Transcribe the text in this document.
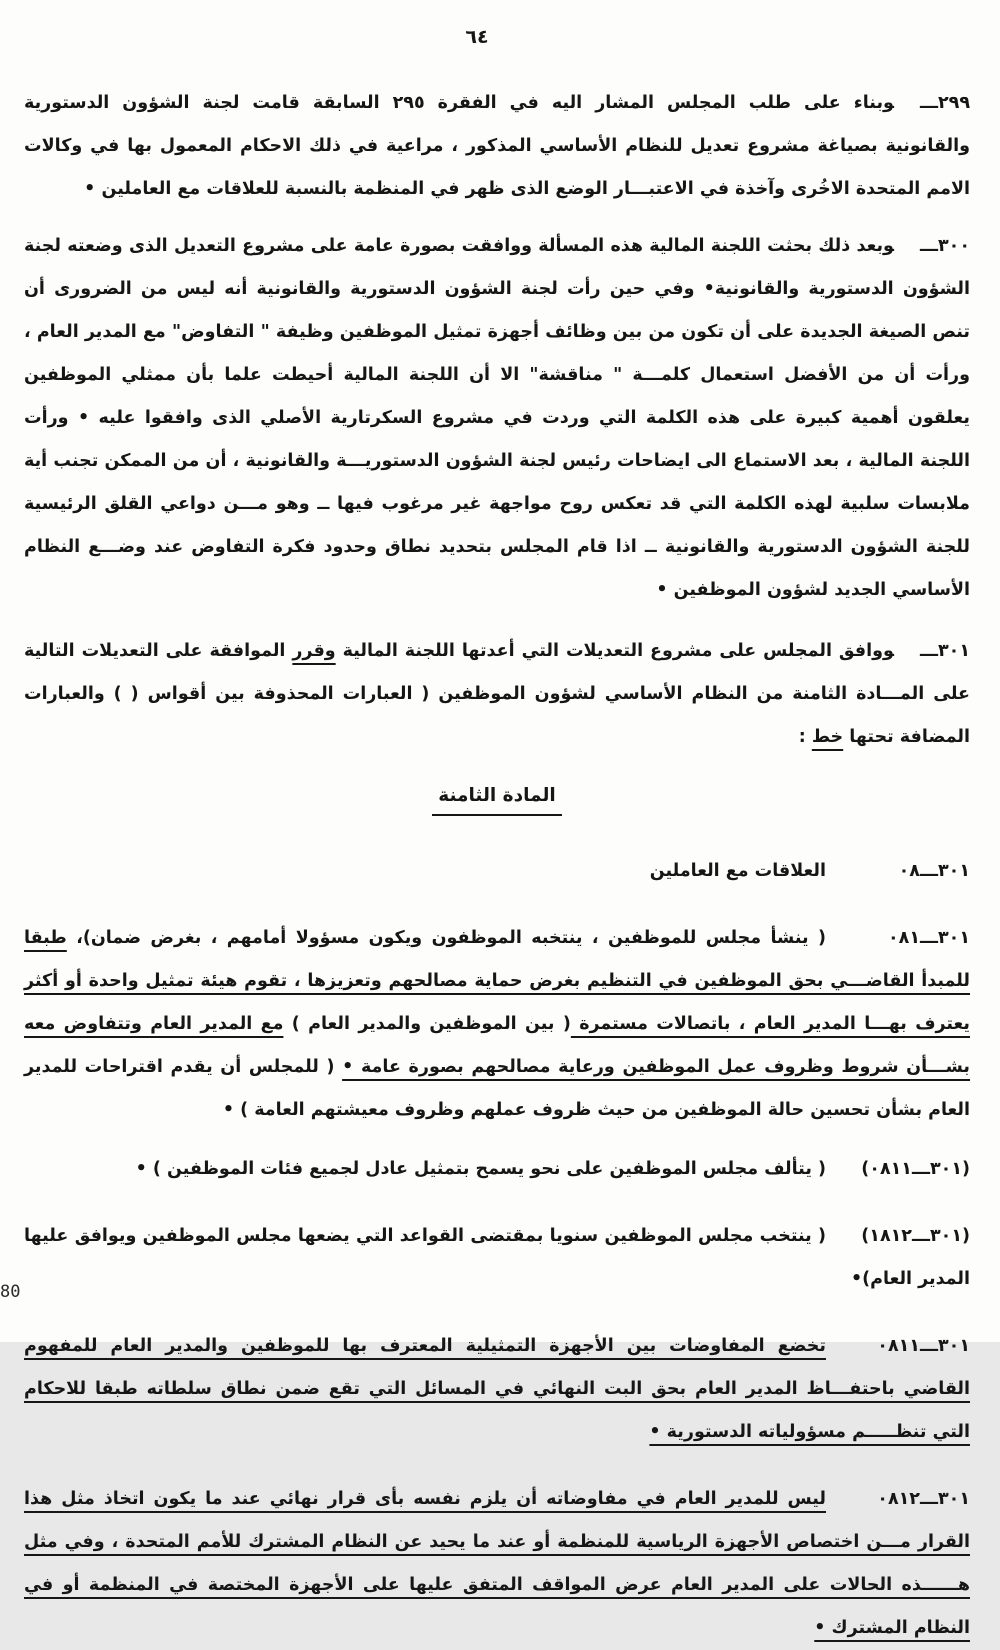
٦٤

٢٩٩ـــوبناء على طلب المجلس المشار اليه في الفقرة ٢٩٥ السابقة قامت لجنة الشؤون الدستورية والقانونية بصياغة مشروع تعديل للنظام الأساسي المذكور ، مراعية في ذلك الاحكام المعمول بها في وكالات الامم المتحدة الاخُرى وآخذة في الاعتبـــار الوضع الذى ظهر في المنظمة بالنسبة للعلاقات مع العاملين •

٣٠٠ـــوبعد ذلك بحثت اللجنة المالية هذه المسألة ووافقت بصورة عامة على مشروع التعديل الذى وضعته لجنة الشؤون الدستورية والقانونية• وفي حين رأت لجنة الشؤون الدستورية والقانونية أنه ليس من الضرورى أن تنص الصيغة الجديدة على أن تكون من بين وظائف أجهزة تمثيل الموظفين وظيفة " التفاوض" مع المدير العام ، ورأت أن من الأفضل استعمال كلمـــة " مناقشة" الا أن اللجنة المالية أحيطت علما بأن ممثلي الموظفين يعلقون أهمية كبيرة على هذه الكلمة التي وردت في مشروع السكرتارية الأصلي الذى وافقوا عليه • ورأت اللجنة المالية ، بعد الاستماع الى ايضاحات رئيس لجنة الشؤون الدستوريـــة والقانونية ، أن من الممكن تجنب أية ملابسات سلبية لهذه الكلمة التي قد تعكس روح مواجهة غير مرغوب فيها ــ وهو مـــن دواعي القلق الرئيسية للجنة الشؤون الدستورية والقانونية ــ اذا قام المجلس بتحديد نطاق وحدود فكرة التفاوض عند وضـــع النظام الأساسي الجديد لشؤون الموظفين •

٣٠١ـــووافق المجلس على مشروع التعديلات التي أعدتها اللجنة المالية وقرر الموافقة على التعديلات التالية على المـــادة الثامنة من النظام الأساسي لشؤون الموظفين ( العبارات المحذوفة بين أقواس ( ) والعبارات المضافة تحتها خط :

المادة الثامنة
٣٠١ـــ٠٨
العلاقات مع العاملين
٣٠١ـــ٠٨١
( ينشأ مجلس للموظفين ، ينتخبه الموظفون ويكون مسؤولا أمامهم ، بغرض ضمان)، طبقا للمبدأ القاضـــي بحق الموظفين في التنظيم بغرض حماية مصالحهم وتعزيزها ، تقوم هيئة تمثيل واحدة أو أكثر يعترف بهـــا المدير العام ، باتصالات مستمرة ( بين الموظفين والمدير العام ) مع المدير العام وتتفاوض معه بشـــأن شروط وظروف عمل الموظفين ورعاية مصالحهم بصورة عامة • ( للمجلس أن يقدم اقتراحات للمدير العام بشأن تحسين حالة الموظفين من حيث ظروف عملهم وظروف معيشتهم العامة ) •
(٣٠١ـــ٠٨١١)
( يتألف مجلس الموظفين على نحو يسمح بتمثيل عادل لجميع فئات الموظفين ) •
(٣٠١ـــ١٨١٢)
( ينتخب مجلس الموظفين سنويا بمقتضى القواعد التي يضعها مجلس الموظفين ويوافق عليها المدير العام)•
٣٠١ـــ٠٨١١
تخضع المفاوضات بين الأجهزة التمثيلية المعترف بها للموظفين والمدير العام للمفهوم القاضي باحتفـــاظ المدير العام بحق البت النهائي في المسائل التي تقع ضمن نطاق سلطاته طبقا للاحكام التي تنظـــــم مسؤولياته الدستورية •
٣٠١ـــ٠٨١٢
ليس للمدير العام في مفاوضاته أن يلزم نفسه بأى قرار نهائي عند ما يكون اتخاذ مثل هذا القرار مـــن اختصاص الأجهزة الرياسية للمنظمة أو عند ما يحيد عن النظام المشترك للأمم المتحدة ، وفي مثل هــــــذه الحالات على المدير العام عرض المواقف المتفق عليها على الأجهزة المختصة في المنظمة أو في النظام المشترك •
80
